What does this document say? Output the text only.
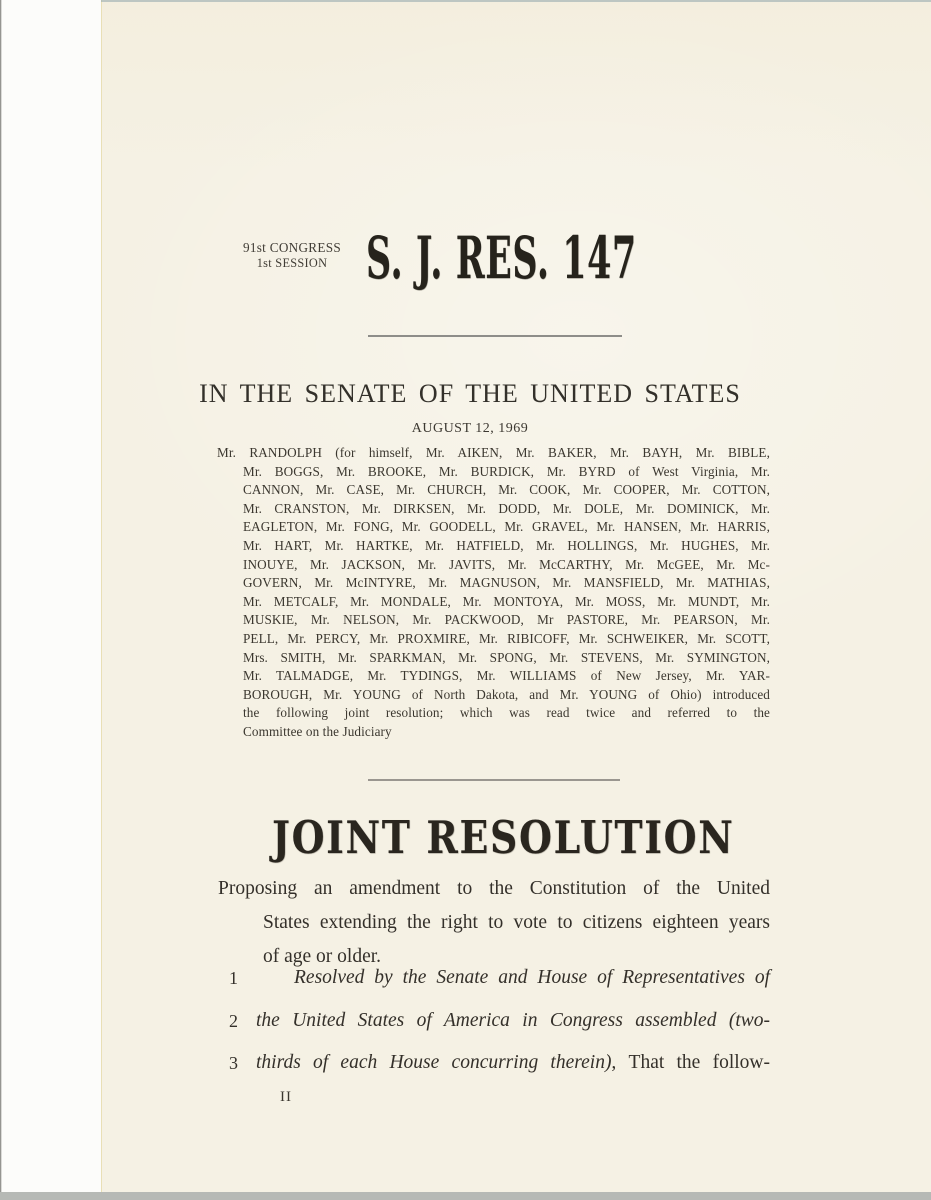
91st CONGRESS
1st SESSION S. J. RES. 147
IN THE SENATE OF THE UNITED STATES
AUGUST 12, 1969
Mr. RANDOLPH (for himself, Mr. AIKEN, Mr. BAKER, Mr. BAYH, Mr. BIBLE,
Mr. BOGGS, Mr. BROOKE, Mr. BURDICK, Mr. BYRD of West Virginia, Mr.
CANNON, Mr. CASE, Mr. CHURCH, Mr. COOK, Mr. COOPER, Mr. COTTON,
Mr. CRANSTON, Mr. DIRKSEN, Mr. DODD, Mr. DOLE, Mr. DOMINICK, Mr.
EAGLETON, Mr. FONG, Mr. GOODELL, Mr. GRAVEL, Mr. HANSEN, Mr. HARRIS,
Mr. HART, Mr. HARTKE, Mr. HATFIELD, Mr. HOLLINGS, Mr. HUGHES, Mr.
INOUYE, Mr. JACKSON, Mr. JAVITS, Mr. McCARTHY, Mr. McGEE, Mr. Mc-
GOVERN, Mr. McINTYRE, Mr. MAGNUSON, Mr. MANSFIELD, Mr. MATHIAS,
Mr. METCALF, Mr. MONDALE, Mr. MONTOYA, Mr. MOSS, Mr. MUNDT, Mr.
MUSKIE, Mr. NELSON, Mr. PACKWOOD, Mr PASTORE, Mr. PEARSON, Mr.
PELL, Mr. PERCY, Mr. PROXMIRE, Mr. RIBICOFF, Mr. SCHWEIKER, Mr. SCOTT,
Mrs. SMITH, Mr. SPARKMAN, Mr. SPONG, Mr. STEVENS, Mr. SYMINGTON,
Mr. TALMADGE, Mr. TYDINGS, Mr. WILLIAMS of New Jersey, Mr. YAR-
BOROUGH, Mr. YOUNG of North Dakota, and Mr. YOUNG of Ohio) introduced
the following joint resolution; which was read twice and referred to the
Committee on the Judiciary
JOINT RESOLUTION
Proposing an amendment to the Constitution of the United
States extending the right to vote to citizens eighteen years
of age or older.
1	Resolved by the Senate and House of Representatives of
2 the United States of America in Congress assembled (two-
3 thirds of each House concurring therein), That the follow-
II
